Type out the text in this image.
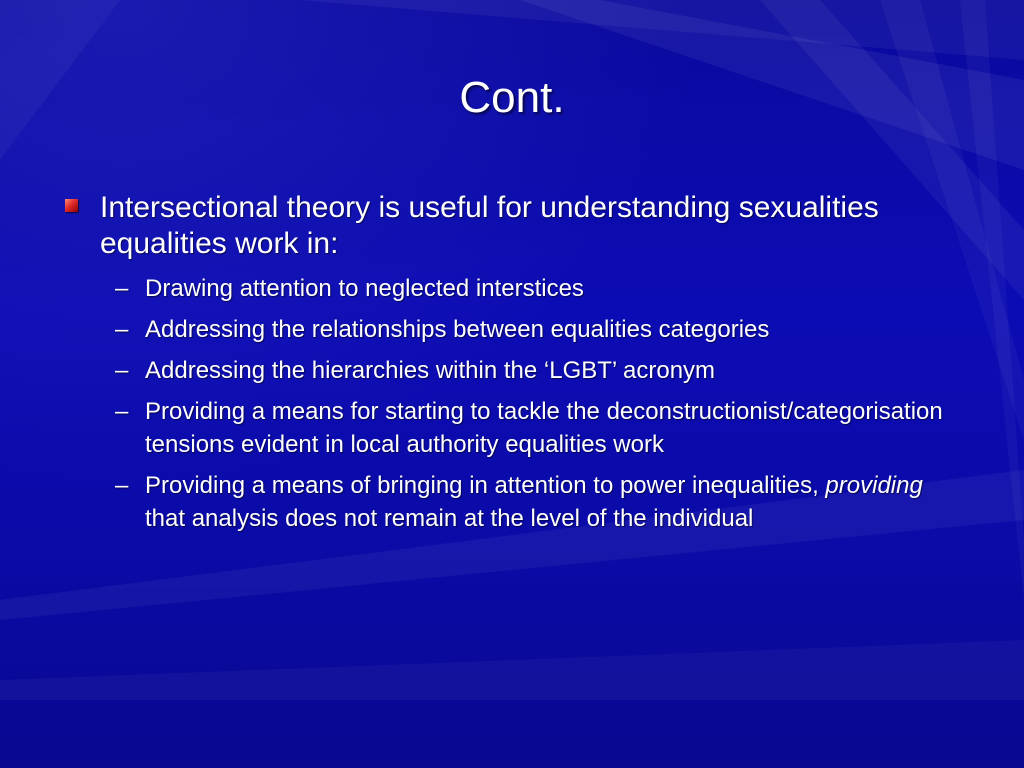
Cont.
Intersectional theory is useful for understanding sexualities equalities work in:
– Drawing attention to neglected interstices
– Addressing the relationships between equalities categories
– Addressing the hierarchies within the ‘LGBT’ acronym
– Providing a means for starting to tackle the deconstructionist/categorisation tensions evident in local authority equalities work
– Providing a means of bringing in attention to power inequalities, providing that analysis does not remain at the level of the individual
